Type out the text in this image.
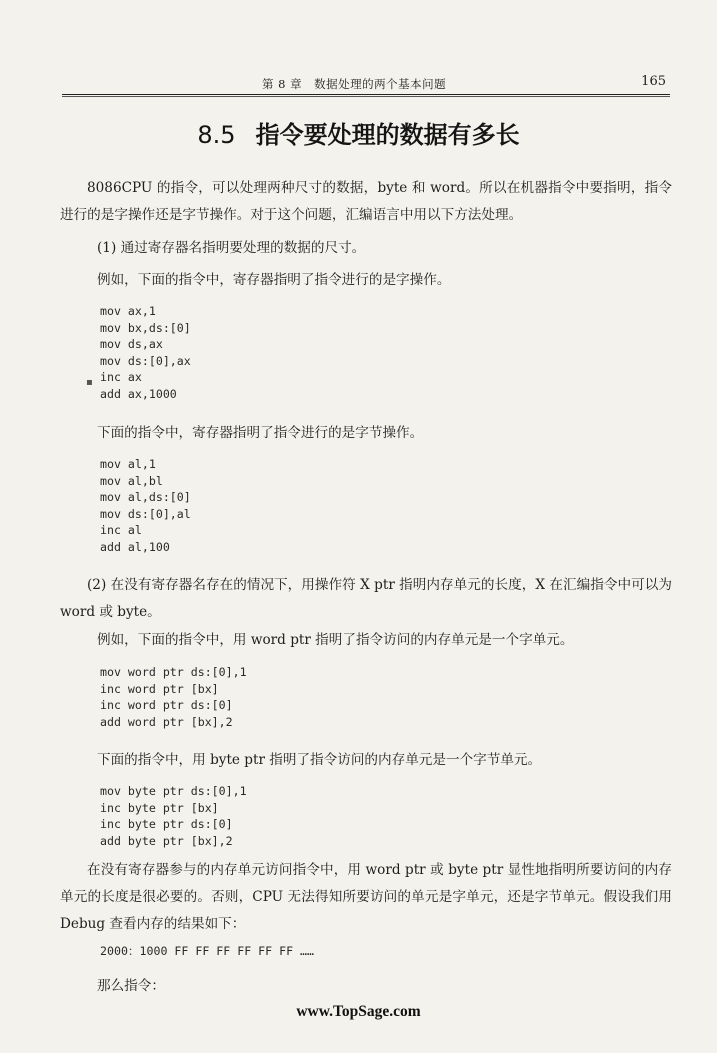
第 8 章　数据处理的两个基本问题	165
8.5 指令要处理的数据有多长
8086CPU 的指令，可以处理两种尺寸的数据，byte 和 word。所以在机器指令中要指明，指令进行的是字操作还是字节操作。对于这个问题，汇编语言中用以下方法处理。
(1) 通过寄存器名指明要处理的数据的尺寸。
例如，下面的指令中，寄存器指明了指令进行的是字操作。
mov ax,1
mov bx,ds:[0]
mov ds,ax
mov ds:[0],ax
inc ax
add ax,1000
▪
下面的指令中，寄存器指明了指令进行的是字节操作。
mov al,1
mov al,bl
mov al,ds:[0]
mov ds:[0],al
inc al
add al,100
(2) 在没有寄存器名存在的情况下，用操作符 X ptr 指明内存单元的长度，X 在汇编指令中可以为 word 或 byte。
例如，下面的指令中，用 word ptr 指明了指令访问的内存单元是一个字单元。
mov word ptr ds:[0],1
inc word ptr [bx]
inc word ptr ds:[0]
add word ptr [bx],2
下面的指令中，用 byte ptr 指明了指令访问的内存单元是一个字节单元。
mov byte ptr ds:[0],1
inc byte ptr [bx]
inc byte ptr ds:[0]
add byte ptr [bx],2
在没有寄存器参与的内存单元访问指令中，用 word ptr 或 byte ptr 显性地指明所要访问的内存单元的长度是很必要的。否则，CPU 无法得知所要访问的单元是字单元，还是字节单元。假设我们用 Debug 查看内存的结果如下：
2000：1000 FF FF FF FF FF FF ……
那么指令：
www.TopSage.com
